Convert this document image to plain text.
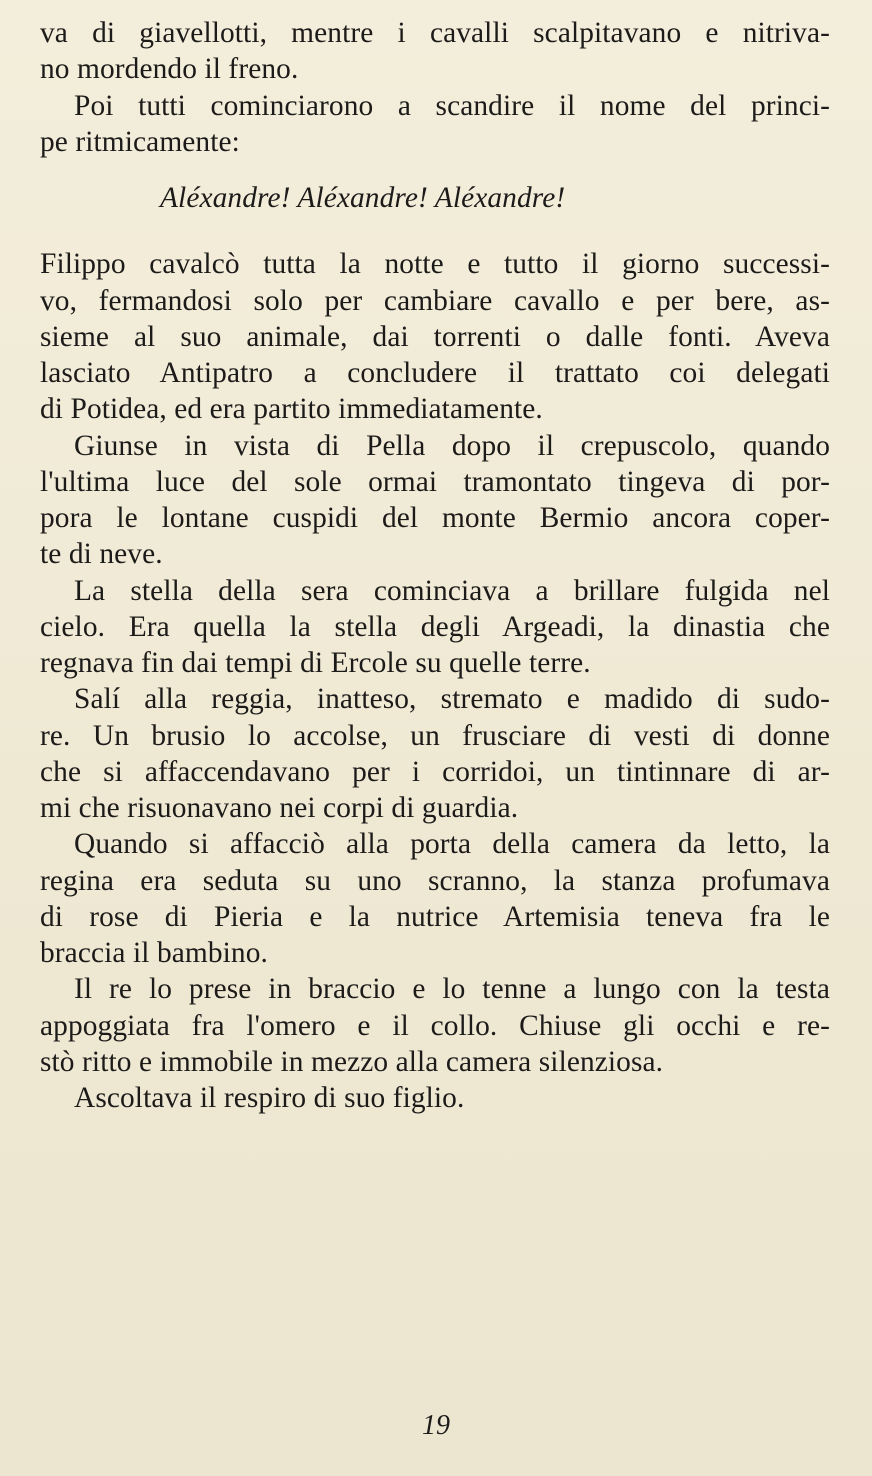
va di giavellotti, mentre i cavalli scalpitavano e nitriva-
no mordendo il freno.
Poi tutti cominciarono a scandire il nome del princi-
pe ritmicamente:
Aléxandre! Aléxandre! Aléxandre!
Filippo cavalcò tutta la notte e tutto il giorno successi-
vo, fermandosi solo per cambiare cavallo e per bere, as-
sieme al suo animale, dai torrenti o dalle fonti. Aveva
lasciato Antipatro a concludere il trattato coi delegati
di Potidea, ed era partito immediatamente.
Giunse in vista di Pella dopo il crepuscolo, quando
l'ultima luce del sole ormai tramontato tingeva di por-
pora le lontane cuspidi del monte Bermio ancora coper-
te di neve.
La stella della sera cominciava a brillare fulgida nel
cielo. Era quella la stella degli Argeadi, la dinastia che
regnava fin dai tempi di Ercole su quelle terre.
Salí alla reggia, inatteso, stremato e madido di sudo-
re. Un brusio lo accolse, un frusciare di vesti di donne
che si affaccendavano per i corridoi, un tintinnare di ar-
mi che risuonavano nei corpi di guardia.
Quando si affacciò alla porta della camera da letto, la
regina era seduta su uno scranno, la stanza profumava
di rose di Pieria e la nutrice Artemisia teneva fra le
braccia il bambino.
Il re lo prese in braccio e lo tenne a lungo con la testa
appoggiata fra l'omero e il collo. Chiuse gli occhi e re-
stò ritto e immobile in mezzo alla camera silenziosa.
Ascoltava il respiro di suo figlio.
19
